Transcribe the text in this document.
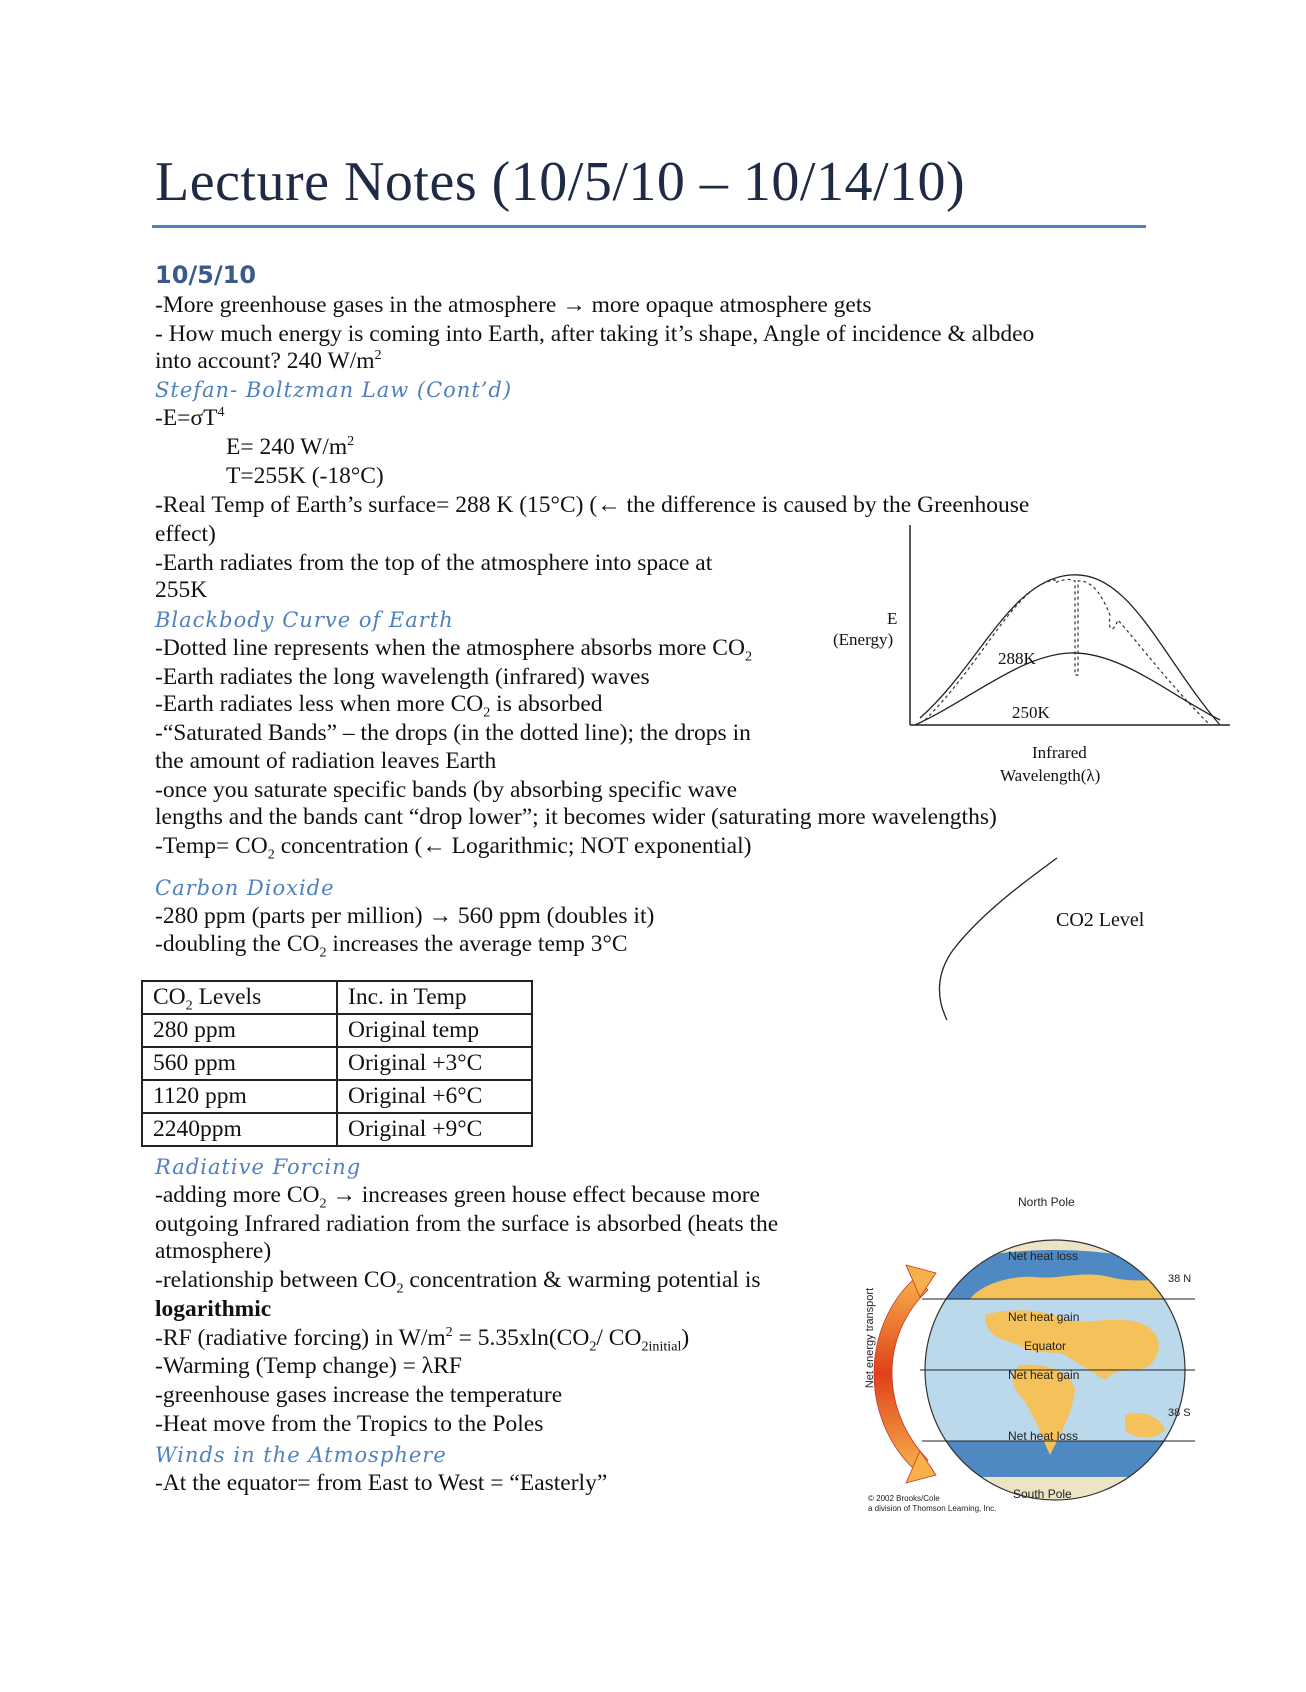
Lecture Notes (10/5/10 – 10/14/10)
10/5/10
-More greenhouse gases in the atmosphere → more opaque atmosphere gets
- How much energy is coming into Earth, after taking it’s shape, Angle of incidence & albdeo
into account? 240 $W/m^2$
Stefan- Boltzman Law (Cont’d)
$-E=\sigma T^4$
E= 240 $W/m^2$
T=255K (-18°C)
-Real Temp of Earth’s surface= 288 K (15°C) (← the difference is caused by the Greenhouse
effect)
-Earth radiates from the top of the atmosphere into space at
255K
Blackbody Curve of Earth
-Dotted line represents when the atmosphere absorbs more $CO_2$
-Earth radiates the long wavelength (infrared) waves
-Earth radiates less when more $CO_2$ is absorbed
-“Saturated Bands” – the drops (in the dotted line); the drops in
the amount of radiation leaves Earth
-once you saturate specific bands (by absorbing specific wave
lengths and the bands cant “drop lower”; it becomes wider (saturating more wavelengths)
-Temp= $CO_2$ concentration (← Logarithmic; NOT exponential)
E
(Energy)
288K
250K
Infrared
Wavelength(λ)
CO2 Level
Carbon Dioxide
-280 ppm (parts per million) → 560 ppm (doubles it)
-doubling the $CO_2$ increases the average temp 3°C
$CO_2$ Levels	Inc. in Temp
280 ppm	Original temp
560 ppm	Original +3°C
1120 ppm	Original +6°C
2240ppm	Original +9°C
Radiative Forcing
-adding more $CO_2$ → increases green house effect because more
outgoing Infrared radiation from the surface is absorbed (heats the
atmosphere)
-relationship between $CO_2$ concentration & warming potential is
logarithmic
-RF (radiative forcing) in $W/m^2 = 5.35xln(CO_2/$ $CO_{2initial}$)
-Warming (Temp change) = λRF
-greenhouse gases increase the temperature
-Heat move from the Tropics to the Poles
Winds in the Atmosphere
-At the equator= from East to West = “Easterly”
North Pole
South Pole
38 N
38 S
Net heat loss
Net heat gain
Equator
Net heat gain
Net heat loss
Net energy transport
© 2002 Brooks/Cole
a division of Thomson Learning, Inc.
